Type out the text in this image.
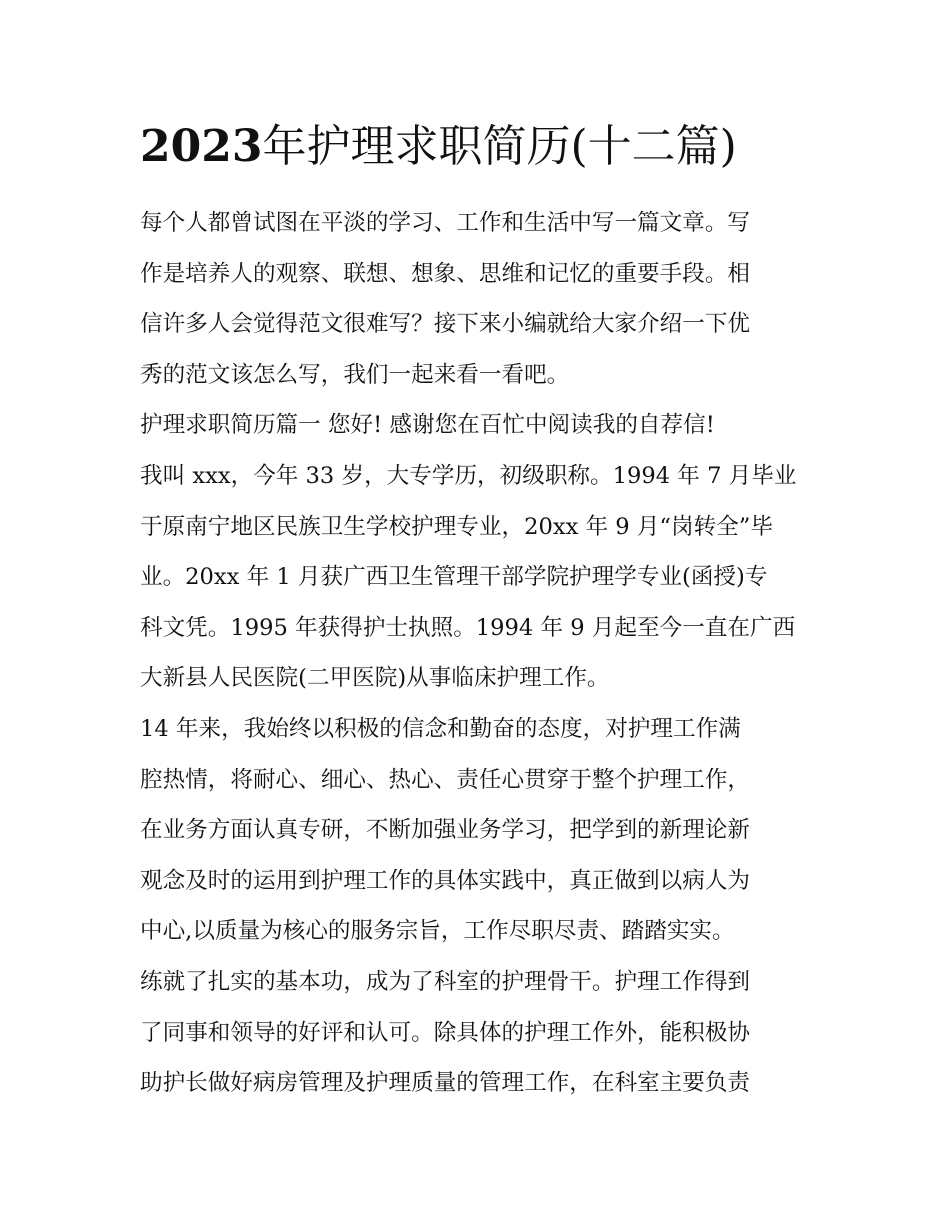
2023年护理求职简历(十二篇)
每个人都曾试图在平淡的学习、工作和生活中写一篇文章。写
作是培养人的观察、联想、想象、思维和记忆的重要手段。相
信许多人会觉得范文很难写？接下来小编就给大家介绍一下优
秀的范文该怎么写，我们一起来看一看吧。
护理求职简历篇一 您好! 感谢您在百忙中阅读我的自荐信!
我叫 xxx，今年 33 岁，大专学历，初级职称。1994 年 7 月毕业
于原南宁地区民族卫生学校护理专业，20xx 年 9 月“岗转全”毕
业。20xx 年 1 月获广西卫生管理干部学院护理学专业(函授)专
科文凭。1995 年获得护士执照。1994 年 9 月起至今一直在广西
大新县人民医院(二甲医院)从事临床护理工作。
14 年来，我始终以积极的信念和勤奋的态度，对护理工作满
腔热情，将耐心、细心、热心、责任心贯穿于整个护理工作，
在业务方面认真专研，不断加强业务学习，把学到的新理论新
观念及时的运用到护理工作的具体实践中，真正做到以病人为
中心,以质量为核心的服务宗旨，工作尽职尽责、踏踏实实。
练就了扎实的基本功，成为了科室的护理骨干。护理工作得到
了同事和领导的好评和认可。除具体的护理工作外，能积极协
助护长做好病房管理及护理质量的管理工作，在科室主要负责
